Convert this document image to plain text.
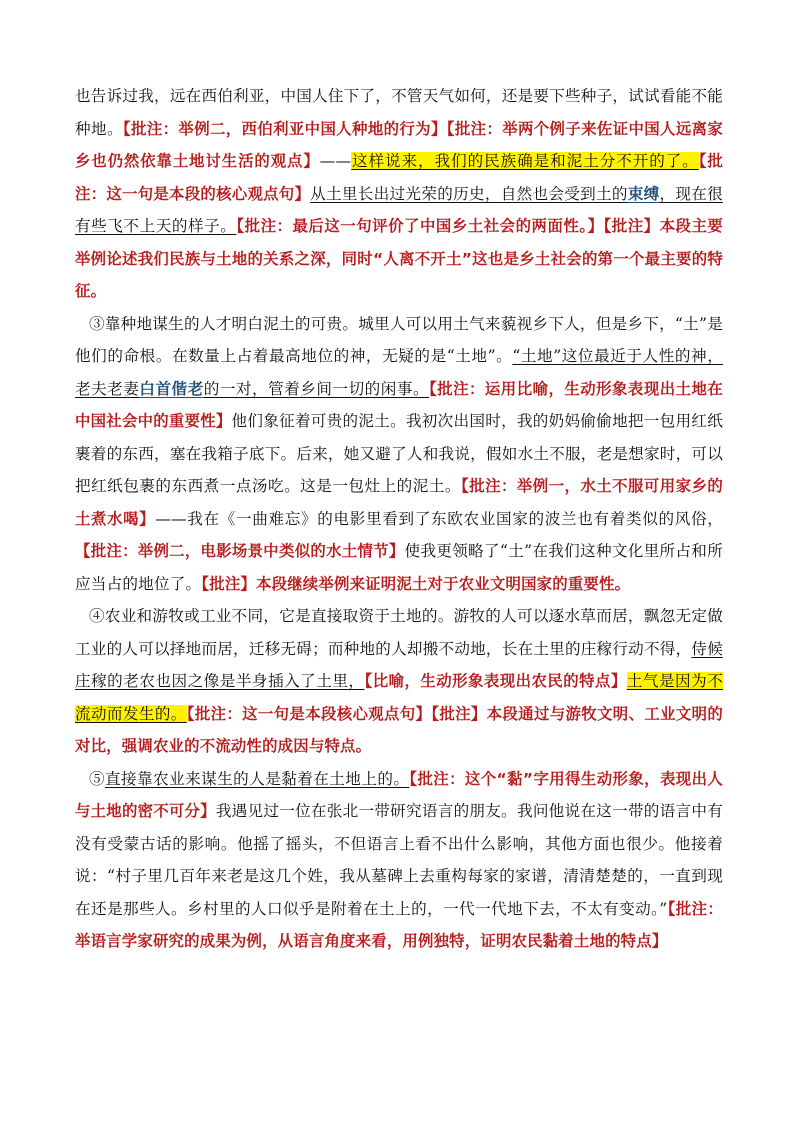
也告诉过我，远在西伯利亚，中国人住下了，不管天气如何，还是要下些种子，试试看能不能种地。【批注：举例二，西伯利亚中国人种地的行为】【批注：举两个例子来佐证中国人远离家乡也仍然依靠土地讨生活的观点】——这样说来，我们的民族确是和泥土分不开的了。【批注：这一句是本段的核心观点句】从土里长出过光荣的历史，自然也会受到土的束缚，现在很有些飞不上天的样子。【批注：最后这一句评价了中国乡土社会的两面性。】【批注】本段主要举例论述我们民族与土地的关系之深，同时“人离不开土”这也是乡土社会的第一个最主要的特征。

③靠种地谋生的人才明白泥土的可贵。城里人可以用土气来藐视乡下人，但是乡下，“土”是他们的命根。在数量上占着最高地位的神，无疑的是“土地”。“土地”这位最近于人性的神，老夫老妻白首偕老的一对，管着乡间一切的闲事。【批注：运用比喻，生动形象表现出土地在中国社会中的重要性】他们象征着可贵的泥土。我初次出国时，我的奶妈偷偷地把一包用红纸裹着的东西，塞在我箱子底下。后来，她又避了人和我说，假如水土不服，老是想家时，可以把红纸包裹的东西煮一点汤吃。这是一包灶上的泥土。【批注：举例一，水土不服可用家乡的土煮水喝】——我在《一曲难忘》的电影里看到了东欧农业国家的波兰也有着类似的风俗，【批注：举例二，电影场景中类似的水土情节】使我更领略了“土”在我们这种文化里所占和所应当占的地位了。【批注】本段继续举例来证明泥土对于农业文明国家的重要性。

④农业和游牧或工业不同，它是直接取资于土地的。游牧的人可以逐水草而居，飘忽无定做工业的人可以择地而居，迁移无碍；而种地的人却搬不动地，长在土里的庄稼行动不得，侍候庄稼的老农也因之像是半身插入了土里，【比喻，生动形象表现出农民的特点】土气是因为不流动而发生的。【批注：这一句是本段核心观点句】【批注】本段通过与游牧文明、工业文明的对比，强调农业的不流动性的成因与特点。

⑤直接靠农业来谋生的人是黏着在土地上的。【批注：这个“黏”字用得生动形象，表现出人与土地的密不可分】我遇见过一位在张北一带研究语言的朋友。我问他说在这一带的语言中有没有受蒙古话的影响。他摇了摇头，不但语言上看不出什么影响，其他方面也很少。他接着说：“村子里几百年来老是这几个姓，我从墓碑上去重构每家的家谱，清清楚楚的，一直到现在还是那些人。乡村里的人口似乎是附着在土上的，一代一代地下去，不太有变动。”【批注：举语言学家研究的成果为例，从语言角度来看，用例独特，证明农民黏着土地的特点】
